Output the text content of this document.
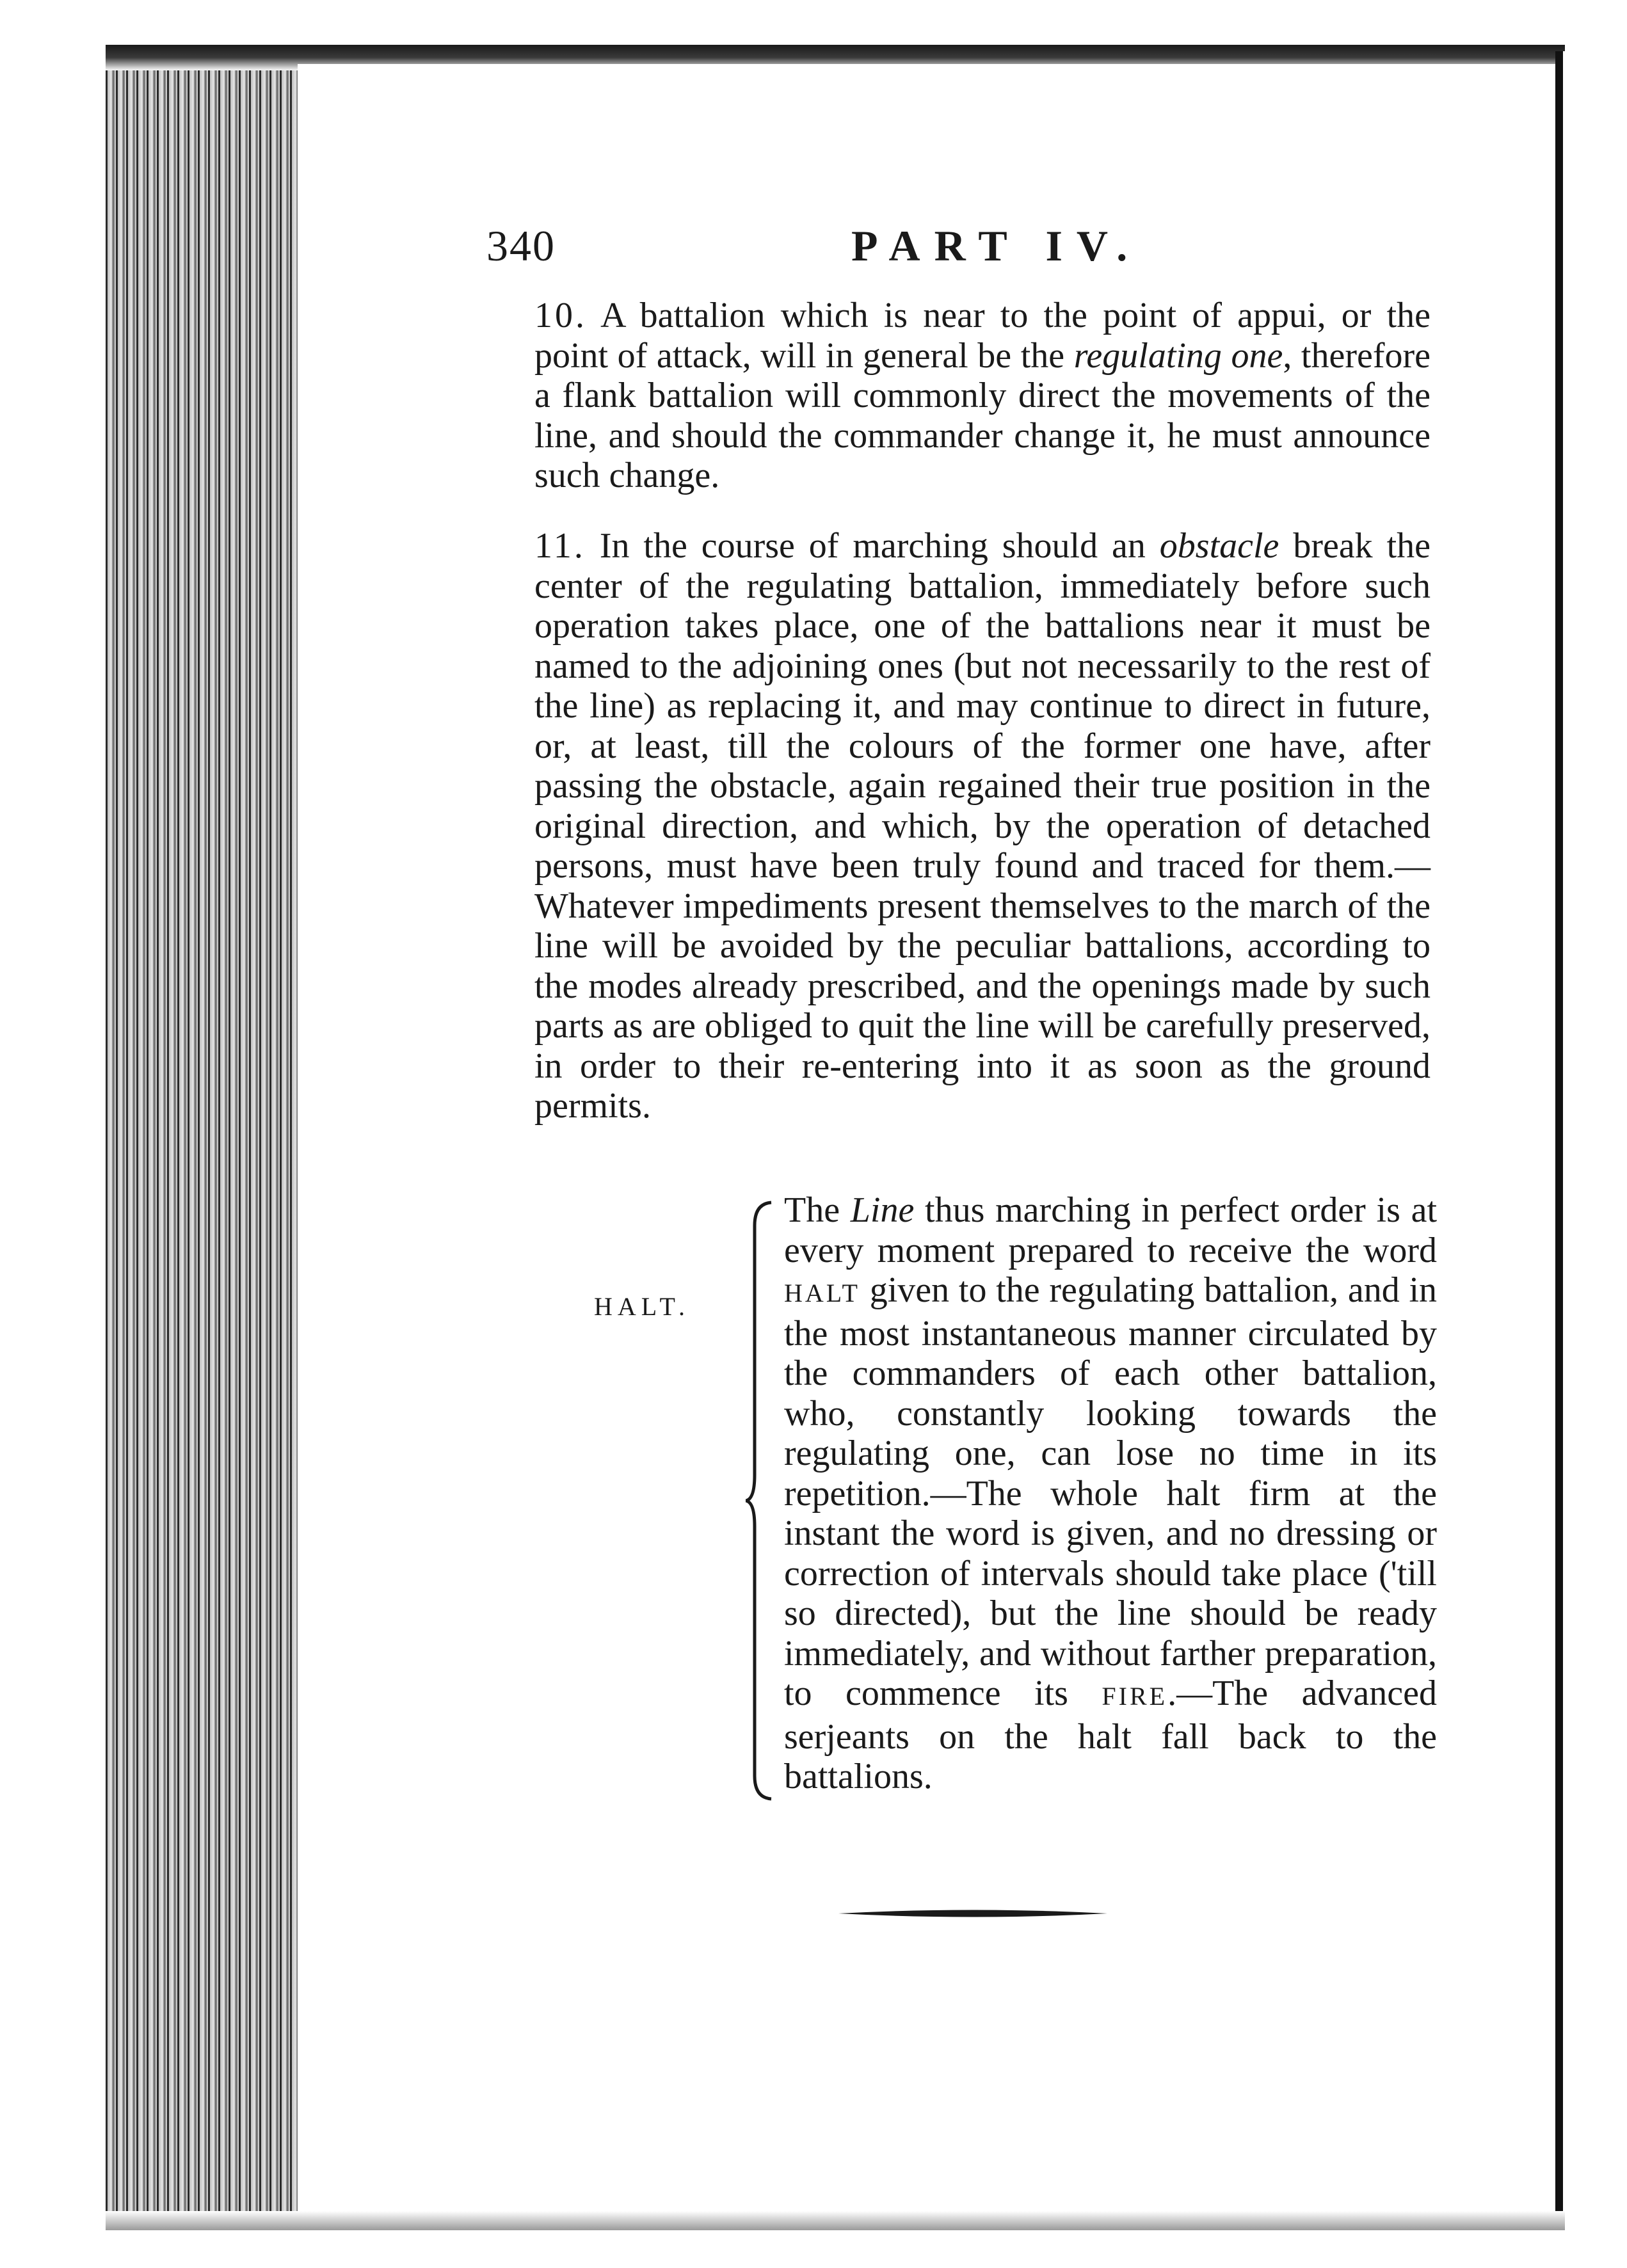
340	PART IV.

10. A battalion which is near to the point of appui, or the point of attack, will in general be the regulating one, therefore a flank battalion will commonly direct the movements of the line, and should the commander change it, he must announce such change.

11. In the course of marching should an obstacle break the center of the regulating battalion, immediately before such operation takes place, one of the battalions near it must be named to the adjoining ones (but not necessarily to the rest of the line) as replacing it, and may continue to direct in future, or, at least, till the colours of the former one have, after passing the obstacle, again regained their true position in the original direction, and which, by the operation of detached persons, must have been truly found and traced for them.—Whatever impediments present themselves to the march of the line will be avoided by the peculiar battalions, according to the modes already prescribed, and the openings made by such parts as are obliged to quit the line will be carefully preserved, in order to their re-entering into it as soon as the ground permits.

HALT.

The Line thus marching in perfect order is at every moment prepared to receive the word HALT given to the regulating battalion, and in the most instantaneous manner circulated by the commanders of each other battalion, who, constantly looking towards the regulating one, can lose no time in its repetition.—The whole halt firm at the instant the word is given, and no dressing or correction of intervals should take place ('till so directed), but the line should be ready immediately, and without farther preparation, to commence its FIRE.—The advanced serjeants on the halt fall back to the battalions.
